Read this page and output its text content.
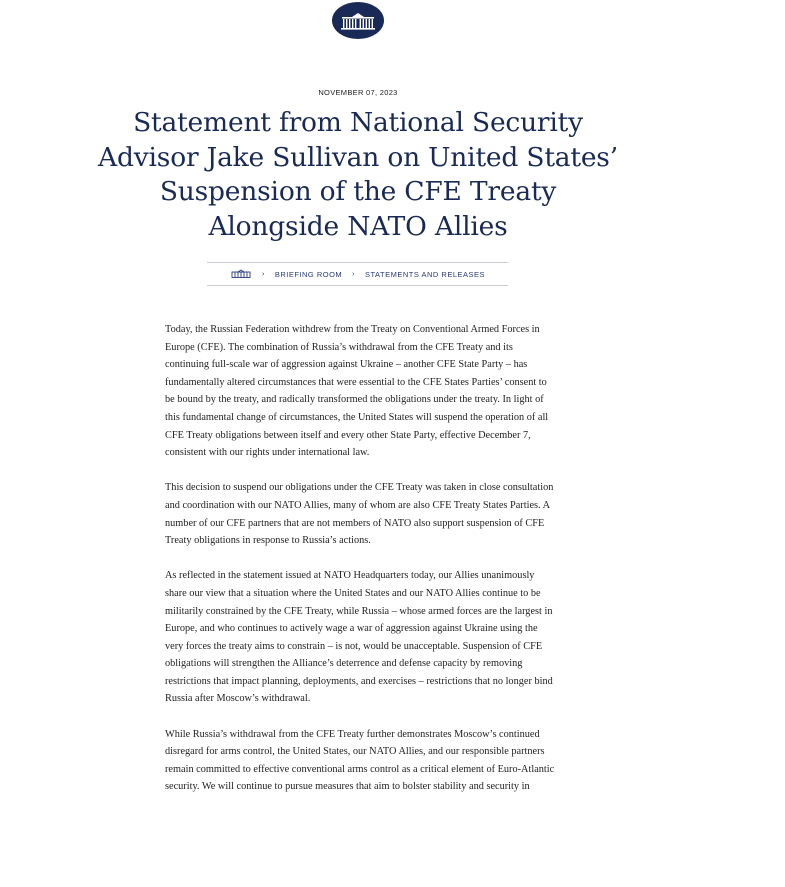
NOVEMBER 07, 2023
Statement from National Security
Advisor Jake Sullivan on United States’
Suspension of the CFE Treaty
Alongside NATO Allies
› BRIEFING ROOM › STATEMENTS AND RELEASES

Today, the Russian Federation withdrew from the Treaty on Conventional Armed Forces in Europe (CFE). The combination of Russia’s withdrawal from the CFE Treaty and its continuing full-scale war of aggression against Ukraine – another CFE State Party – has fundamentally altered circumstances that were essential to the CFE States Parties’ consent to be bound by the treaty, and radically transformed the obligations under the treaty. In light of this fundamental change of circumstances, the United States will suspend the operation of all CFE Treaty obligations between itself and every other State Party, effective December 7, consistent with our rights under international law.

This decision to suspend our obligations under the CFE Treaty was taken in close consultation and coordination with our NATO Allies, many of whom are also CFE Treaty States Parties. A number of our CFE partners that are not members of NATO also support suspension of CFE Treaty obligations in response to Russia’s actions.

As reflected in the statement issued at NATO Headquarters today, our Allies unanimously share our view that a situation where the United States and our NATO Allies continue to be militarily constrained by the CFE Treaty, while Russia – whose armed forces are the largest in Europe, and who continues to actively wage a war of aggression against Ukraine using the very forces the treaty aims to constrain – is not, would be unacceptable. Suspension of CFE obligations will strengthen the Alliance’s deterrence and defense capacity by removing restrictions that impact planning, deployments, and exercises – restrictions that no longer bind Russia after Moscow’s withdrawal.

While Russia’s withdrawal from the CFE Treaty further demonstrates Moscow’s continued disregard for arms control, the United States, our NATO Allies, and our responsible partners remain committed to effective conventional arms control as a critical element of Euro-Atlantic security. We will continue to pursue measures that aim to bolster stability and security in
